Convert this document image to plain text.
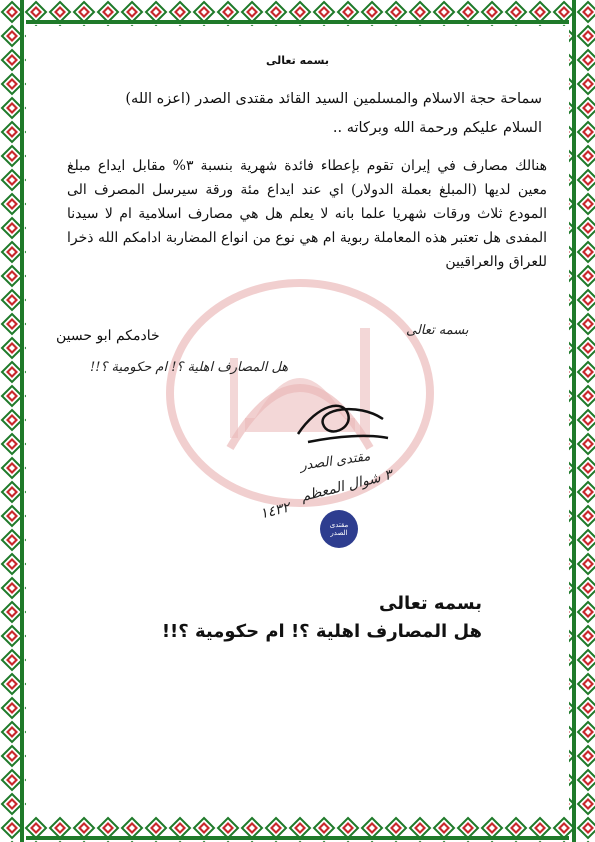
بسمه تعالى
سماحة حجة الاسلام والمسلمين السيد القائد مقتدى الصدر (اعزه الله)
السلام عليكم ورحمة الله وبركاته ..
هنالك مصارف في إيران تقوم بإعطاء فائدة شهرية بنسبة ٣% مقابل ايداع مبلغ معين لديها (المبلغ بعملة الدولار) اي عند ايداع مئة ورقة سيرسل المصرف الى المودع ثلاث ورقات شهريا علما بانه لا يعلم هل هي مصارف اسلامية ام لا سيدنا المفدى هل تعتبر هذه المعاملة ربوية ام هي نوع من انواع المضاربة ادامكم الله ذخرا للعراق والعراقيين
خادمكم ابو حسين	بسمه تعالى
هل المصارف اهلية ؟! ام حكومية ؟!!
مقتدى الصدر
٣ شوال المعظم
١٤٣٢
مقتدى الصدر
بسمه تعالى
هل المصارف اهلية ؟! ام حكومية ؟!!
